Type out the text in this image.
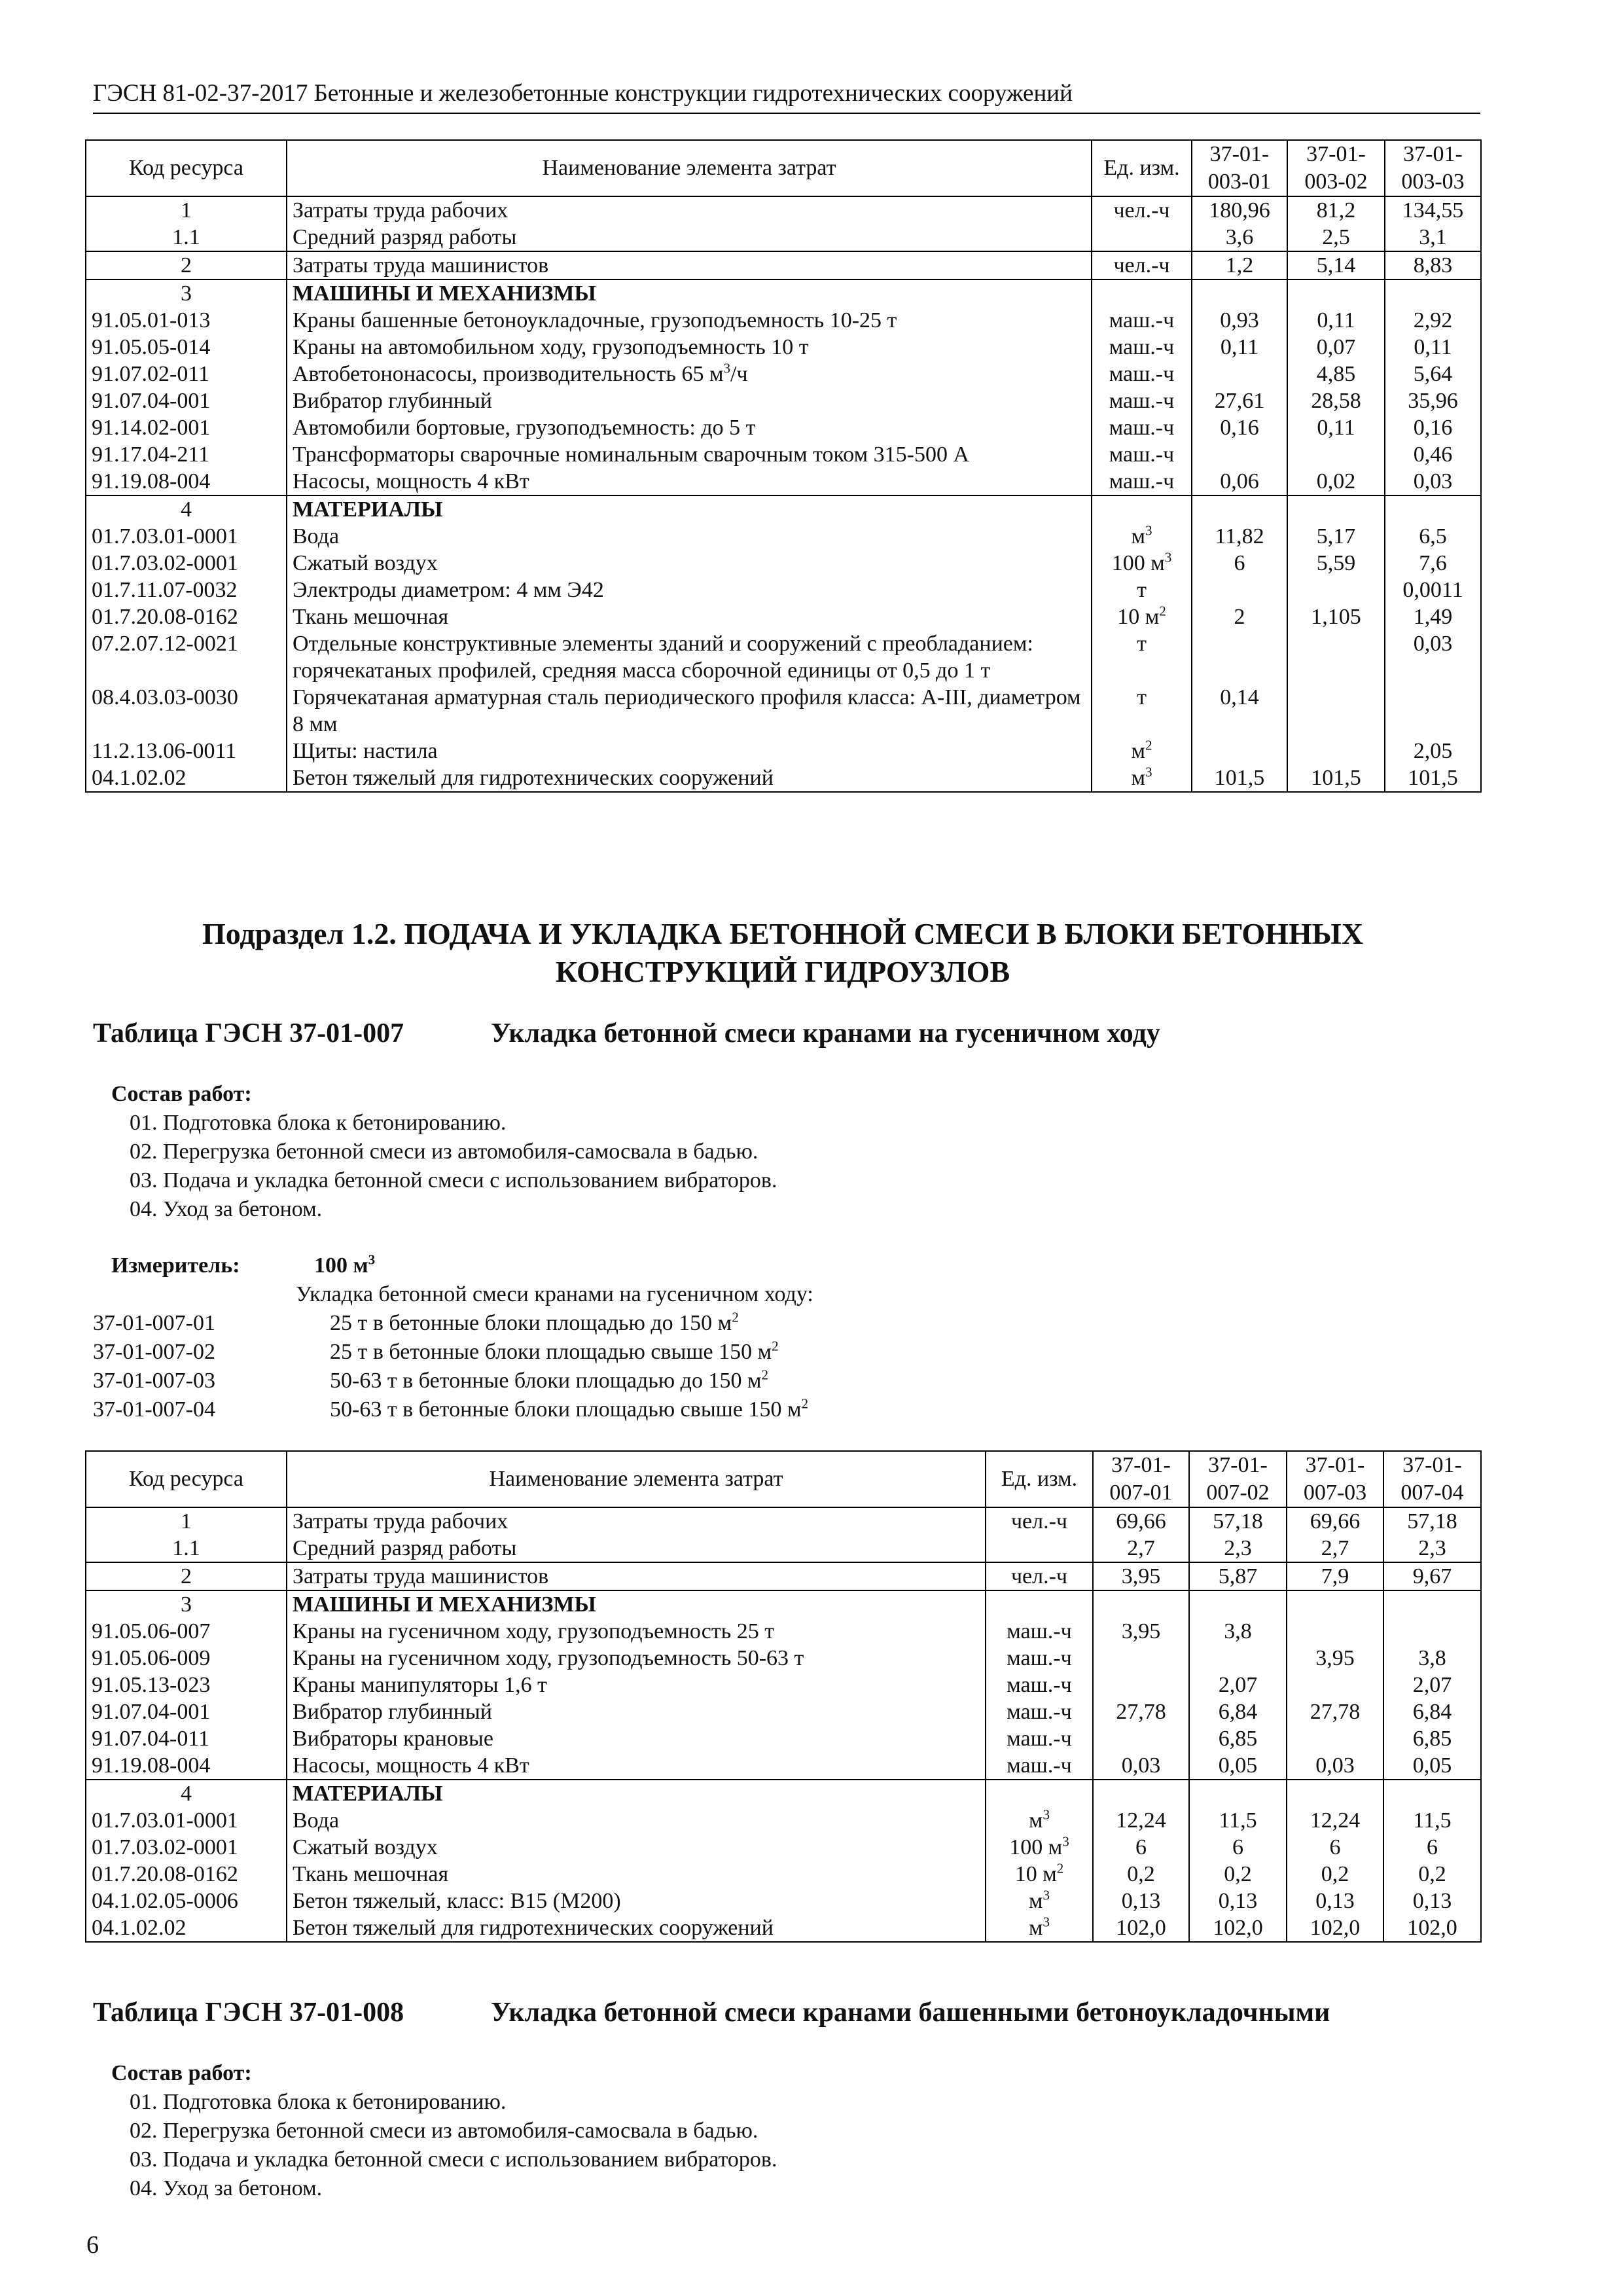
ГЭСН 81-02-37-2017 Бетонные и железобетонные конструкции гидротехнических сооружений
Код ресурса	Наименование элемента затрат	Ед. изм.	37-01-003-01	37-01-003-02	37-01-003-03
1	Затраты труда рабочих	чел.-ч	180,96	81,2	134,55
1.1	Средний разряд работы		3,6	2,5	3,1
2	Затраты труда машинистов	чел.-ч	1,2	5,14	8,83
3	МАШИНЫ И МЕХАНИЗМЫ				
91.05.01-013	Краны башенные бетоноукладочные, грузоподъемность 10-25 т	маш.-ч	0,93	0,11	2,92
91.05.05-014	Краны на автомобильном ходу, грузоподъемность 10 т	маш.-ч	0,11	0,07	0,11
91.07.02-011	Автобетононасосы, производительность 65 $м^3/ч$	маш.-ч		4,85	5,64
91.07.04-001	Вибратор глубинный	маш.-ч	27,61	28,58	35,96
91.14.02-001	Автомобили бортовые, грузоподъемность: до 5 т	маш.-ч	0,16	0,11	0,16
91.17.04-211	Трансформаторы сварочные номинальным сварочным током 315-500 А	маш.-ч			0,46
91.19.08-004	Насосы, мощность 4 кВт	маш.-ч	0,06	0,02	0,03
4	МАТЕРИАЛЫ				
01.7.03.01-0001	Вода	$м^3$	11,82	5,17	6,5
01.7.03.02-0001	Сжатый воздух	100 $м^3$	6	5,59	7,6
01.7.11.07-0032	Электроды диаметром: 4 мм Э42	т			0,0011
01.7.20.08-0162	Ткань мешочная	10 $м^2$	2	1,105	1,49
07.2.07.12-0021	Отдельные конструктивные элементы зданий и сооружений с преобладанием: горячекатаных профилей, средняя масса сборочной единицы от 0,5 до 1 т	т			0,03
08.4.03.03-0030	Горячекатаная арматурная сталь периодического профиля класса: А-III, диаметром 8 мм	т	0,14		
11.2.13.06-0011	Щиты: настила	$м^2$			2,05
04.1.02.02	Бетон тяжелый для гидротехнических сооружений	$м^3$	101,5	101,5	101,5
Подраздел 1.2. ПОДАЧА И УКЛАДКА БЕТОННОЙ СМЕСИ В БЛОКИ БЕТОННЫХ КОНСТРУКЦИЙ ГИДРОУЗЛОВ
Таблица ГЭСН 37-01-007	Укладка бетонной смеси кранами на гусеничном ходу
Состав работ:
01. Подготовка блока к бетонированию.
02. Перегрузка бетонной смеси из автомобиля-самосвала в бадью.
03. Подача и укладка бетонной смеси с использованием вибраторов.
04. Уход за бетоном.
Измеритель:	100 $м^3$
Укладка бетонной смеси кранами на гусеничном ходу:
37-01-007-01	25 т в бетонные блоки площадью до 150 $м^2$
37-01-007-02	25 т в бетонные блоки площадью свыше 150 $м^2$
37-01-007-03	50-63 т в бетонные блоки площадью до 150 $м^2$
37-01-007-04	50-63 т в бетонные блоки площадью свыше 150 $м^2$
Код ресурса	Наименование элемента затрат	Ед. изм.	37-01-007-01	37-01-007-02	37-01-007-03	37-01-007-04
1	Затраты труда рабочих	чел.-ч	69,66	57,18	69,66	57,18
1.1	Средний разряд работы		2,7	2,3	2,7	2,3
2	Затраты труда машинистов	чел.-ч	3,95	5,87	7,9	9,67
3	МАШИНЫ И МЕХАНИЗМЫ					
91.05.06-007	Краны на гусеничном ходу, грузоподъемность 25 т	маш.-ч	3,95	3,8		
91.05.06-009	Краны на гусеничном ходу, грузоподъемность 50-63 т	маш.-ч			3,95	3,8
91.05.13-023	Краны манипуляторы 1,6 т	маш.-ч		2,07		2,07
91.07.04-001	Вибратор глубинный	маш.-ч	27,78	6,84	27,78	6,84
91.07.04-011	Вибраторы крановые	маш.-ч		6,85		6,85
91.19.08-004	Насосы, мощность 4 кВт	маш.-ч	0,03	0,05	0,03	0,05
4	МАТЕРИАЛЫ					
01.7.03.01-0001	Вода	$м^3$	12,24	11,5	12,24	11,5
01.7.03.02-0001	Сжатый воздух	100 $м^3$	6	6	6	6
01.7.20.08-0162	Ткань мешочная	10 $м^2$	0,2	0,2	0,2	0,2
04.1.02.05-0006	Бетон тяжелый, класс: В15 (М200)	$м^3$	0,13	0,13	0,13	0,13
04.1.02.02	Бетон тяжелый для гидротехнических сооружений	$м^3$	102,0	102,0	102,0	102,0
Таблица ГЭСН 37-01-008	Укладка бетонной смеси кранами башенными бетоноукладочными
Состав работ:
01. Подготовка блока к бетонированию.
02. Перегрузка бетонной смеси из автомобиля-самосвала в бадью.
03. Подача и укладка бетонной смеси с использованием вибраторов.
04. Уход за бетоном.
6
